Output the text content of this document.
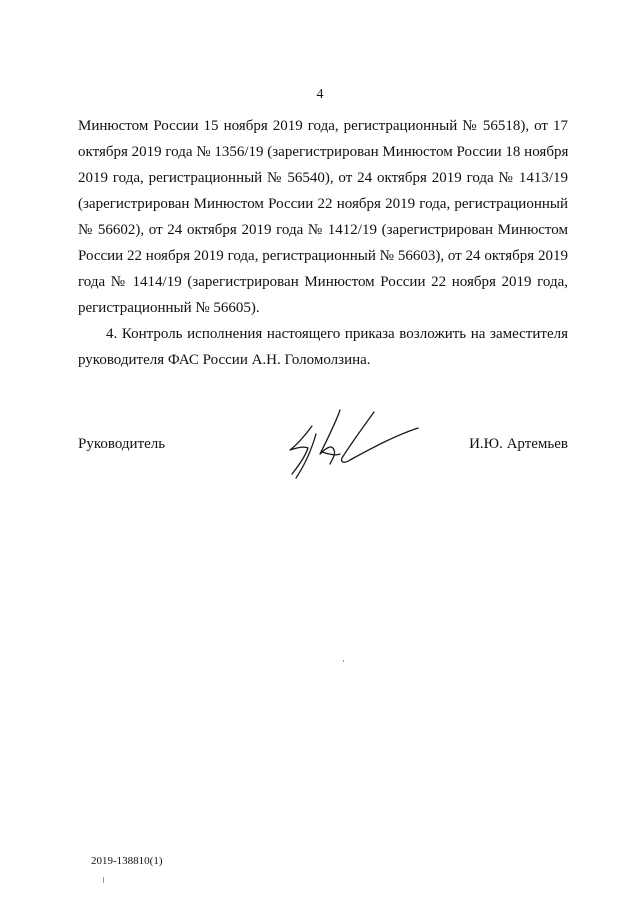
4
Минюстом России 15 ноября 2019 года, регистрационный № 56518), от 17
октября 2019 года № 1356/19 (зарегистрирован Минюстом России 18 ноября
2019 года, регистрационный № 56540), от 24 октября 2019 года № 1413/19
(зарегистрирован Минюстом России 22 ноября 2019 года, регистрационный
№ 56602), от 24 октября 2019 года № 1412/19 (зарегистрирован Минюстом
России 22 ноября 2019 года, регистрационный № 56603), от 24 октября 2019
года № 1414/19 (зарегистрирован Минюстом России 22 ноября 2019 года,
регистрационный № 56605).
4. Контроль исполнения настоящего приказа возложить на заместителя
руководителя ФАС России А.Н. Голомолзина.
Руководитель	И.Ю. Артемьев
2019-138810(1)
